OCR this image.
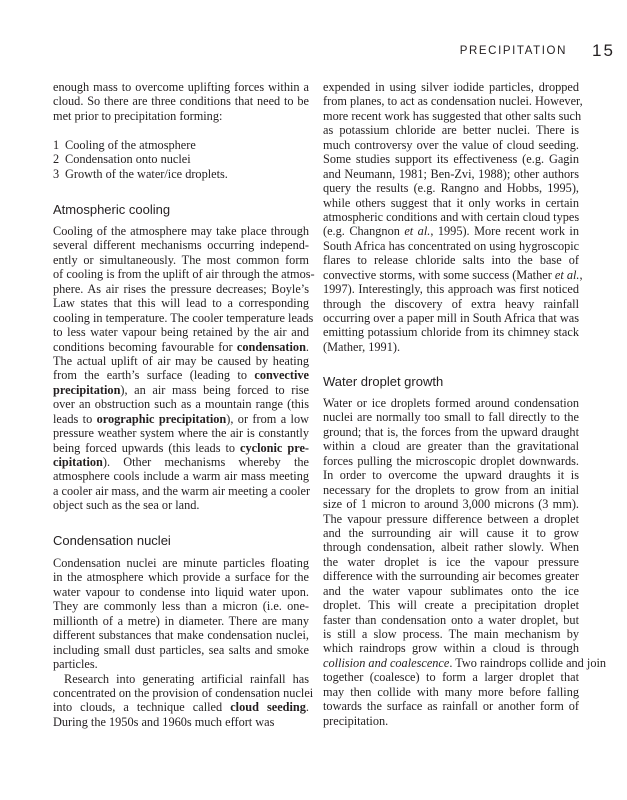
PRECIPITATION 15
enough mass to overcome uplifting forces within a
cloud. So there are three conditions that need to be
met prior to precipitation forming:
1 Cooling of the atmosphere
2 Condensation onto nuclei
3 Growth of the water/ice droplets.
Atmospheric cooling
Cooling of the atmosphere may take place through
several different mechanisms occurring independ-
ently or simultaneously. The most common form
of cooling is from the uplift of air through the atmos-
phere. As air rises the pressure decreases; Boyle’s
Law states that this will lead to a corresponding
cooling in temperature. The cooler temperature leads
to less water vapour being retained by the air and
conditions becoming favourable for condensation.
The actual uplift of air may be caused by heating
from the earth’s surface (leading to convective
precipitation), an air mass being forced to rise
over an obstruction such as a mountain range (this
leads to orographic precipitation), or from a low
pressure weather system where the air is constantly
being forced upwards (this leads to cyclonic pre-
cipitation). Other mechanisms whereby the
atmosphere cools include a warm air mass meeting
a cooler air mass, and the warm air meeting a cooler
object such as the sea or land.
Condensation nuclei
Condensation nuclei are minute particles floating
in the atmosphere which provide a surface for the
water vapour to condense into liquid water upon.
They are commonly less than a micron (i.e. one-
millionth of a metre) in diameter. There are many
different substances that make condensation nuclei,
including small dust particles, sea salts and smoke
particles.
Research into generating artificial rainfall has
concentrated on the provision of condensation nuclei
into clouds, a technique called cloud seeding.
During the 1950s and 1960s much effort was
expended in using silver iodide particles, dropped
from planes, to act as condensation nuclei. However,
more recent work has suggested that other salts such
as potassium chloride are better nuclei. There is
much controversy over the value of cloud seeding.
Some studies support its effectiveness (e.g. Gagin
and Neumann, 1981; Ben-Zvi, 1988); other authors
query the results (e.g. Rangno and Hobbs, 1995),
while others suggest that it only works in certain
atmospheric conditions and with certain cloud types
(e.g. Changnon et al., 1995). More recent work in
South Africa has concentrated on using hygroscopic
flares to release chloride salts into the base of
convective storms, with some success (Mather et al.,
1997). Interestingly, this approach was first noticed
through the discovery of extra heavy rainfall
occurring over a paper mill in South Africa that was
emitting potassium chloride from its chimney stack
(Mather, 1991).
Water droplet growth
Water or ice droplets formed around condensation
nuclei are normally too small to fall directly to the
ground; that is, the forces from the upward draught
within a cloud are greater than the gravitational
forces pulling the microscopic droplet downwards.
In order to overcome the upward draughts it is
necessary for the droplets to grow from an initial
size of 1 micron to around 3,000 microns (3 mm).
The vapour pressure difference between a droplet
and the surrounding air will cause it to grow
through condensation, albeit rather slowly. When
the water droplet is ice the vapour pressure
difference with the surrounding air becomes greater
and the water vapour sublimates onto the ice
droplet. This will create a precipitation droplet
faster than condensation onto a water droplet, but
is still a slow process. The main mechanism by
which raindrops grow within a cloud is through
collision and coalescence. Two raindrops collide and join
together (coalesce) to form a larger droplet that
may then collide with many more before falling
towards the surface as rainfall or another form of
precipitation.
